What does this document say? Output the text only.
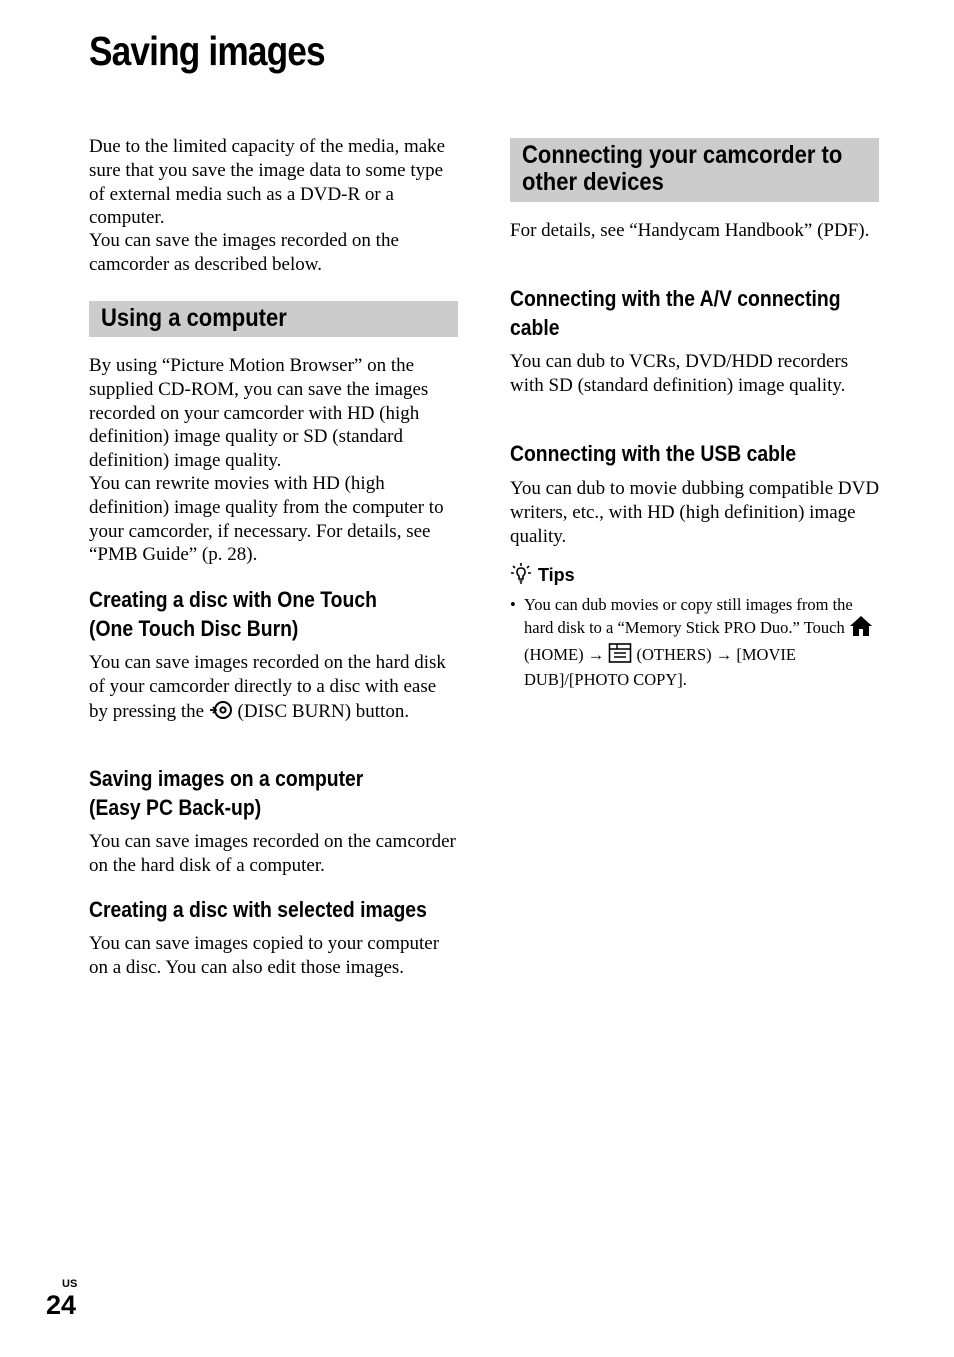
Saving images

Due to the limited capacity of the media, make sure that you save the image data to some type of external media such as a DVD-R or a computer.

You can save the images recorded on the camcorder as described below.

Using a computer

By using “Picture Motion Browser” on the supplied CD-ROM, you can save the images recorded on your camcorder with HD (high definition) image quality or SD (standard definition) image quality.

You can rewrite movies with HD (high definition) image quality from the computer to your camcorder, if necessary. For details, see “PMB Guide” (p. 28).

Creating a disc with One Touch
(One Touch Disc Burn)

You can save images recorded on the hard disk of your camcorder directly to a disc with ease by pressing the (DISC BURN) button.

Saving images on a computer
(Easy PC Back-up)

You can save images recorded on the camcorder on the hard disk of a computer.

Creating a disc with selected images

You can save images copied to your computer on a disc. You can also edit those images.

Connecting your camcorder to
other devices

For details, see “Handycam Handbook” (PDF).

Connecting with the A/V connecting
cable

You can dub to VCRs, DVD/HDD recorders with SD (standard definition) image quality.

Connecting with the USB cable

You can dub to movie dubbing compatible DVD writers, etc., with HD (high definition) image quality.

Tips
• You can dub movies or copy still images from the hard disk to a “Memory Stick PRO Duo.” Touch  (HOME) → (OTHERS) → [MOVIE DUB]/[PHOTO COPY].
US
24
